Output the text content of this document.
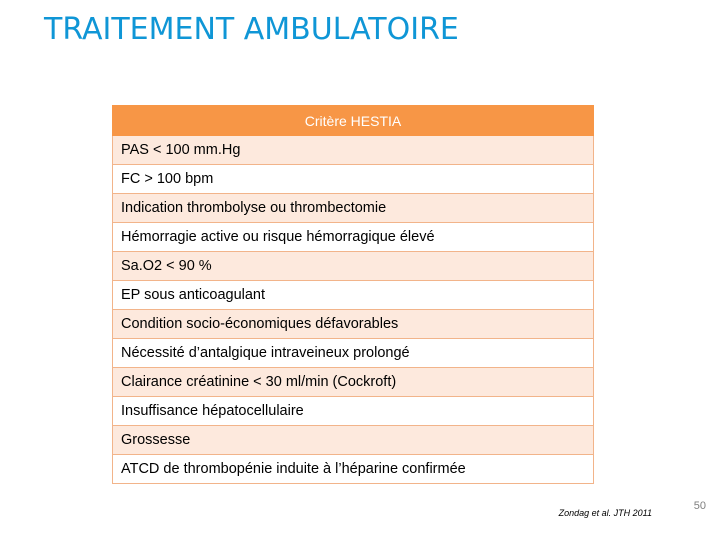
TRAITEMENT AMBULATOIRE
Critère HESTIA
PAS < 100 mm.Hg
FC > 100 bpm
Indication thrombolyse ou thrombectomie
Hémorragie active ou risque hémorragique élevé
Sa.O2 < 90 %
EP sous anticoagulant
Condition socio-économiques défavorables
Nécessité d’antalgique intraveineux prolongé
Clairance créatinine < 30 ml/min (Cockroft)
Insuffisance hépatocellulaire
Grossesse
ATCD de thrombopénie induite à l’héparine confirmée
Zondag et al. JTH 2011
50
